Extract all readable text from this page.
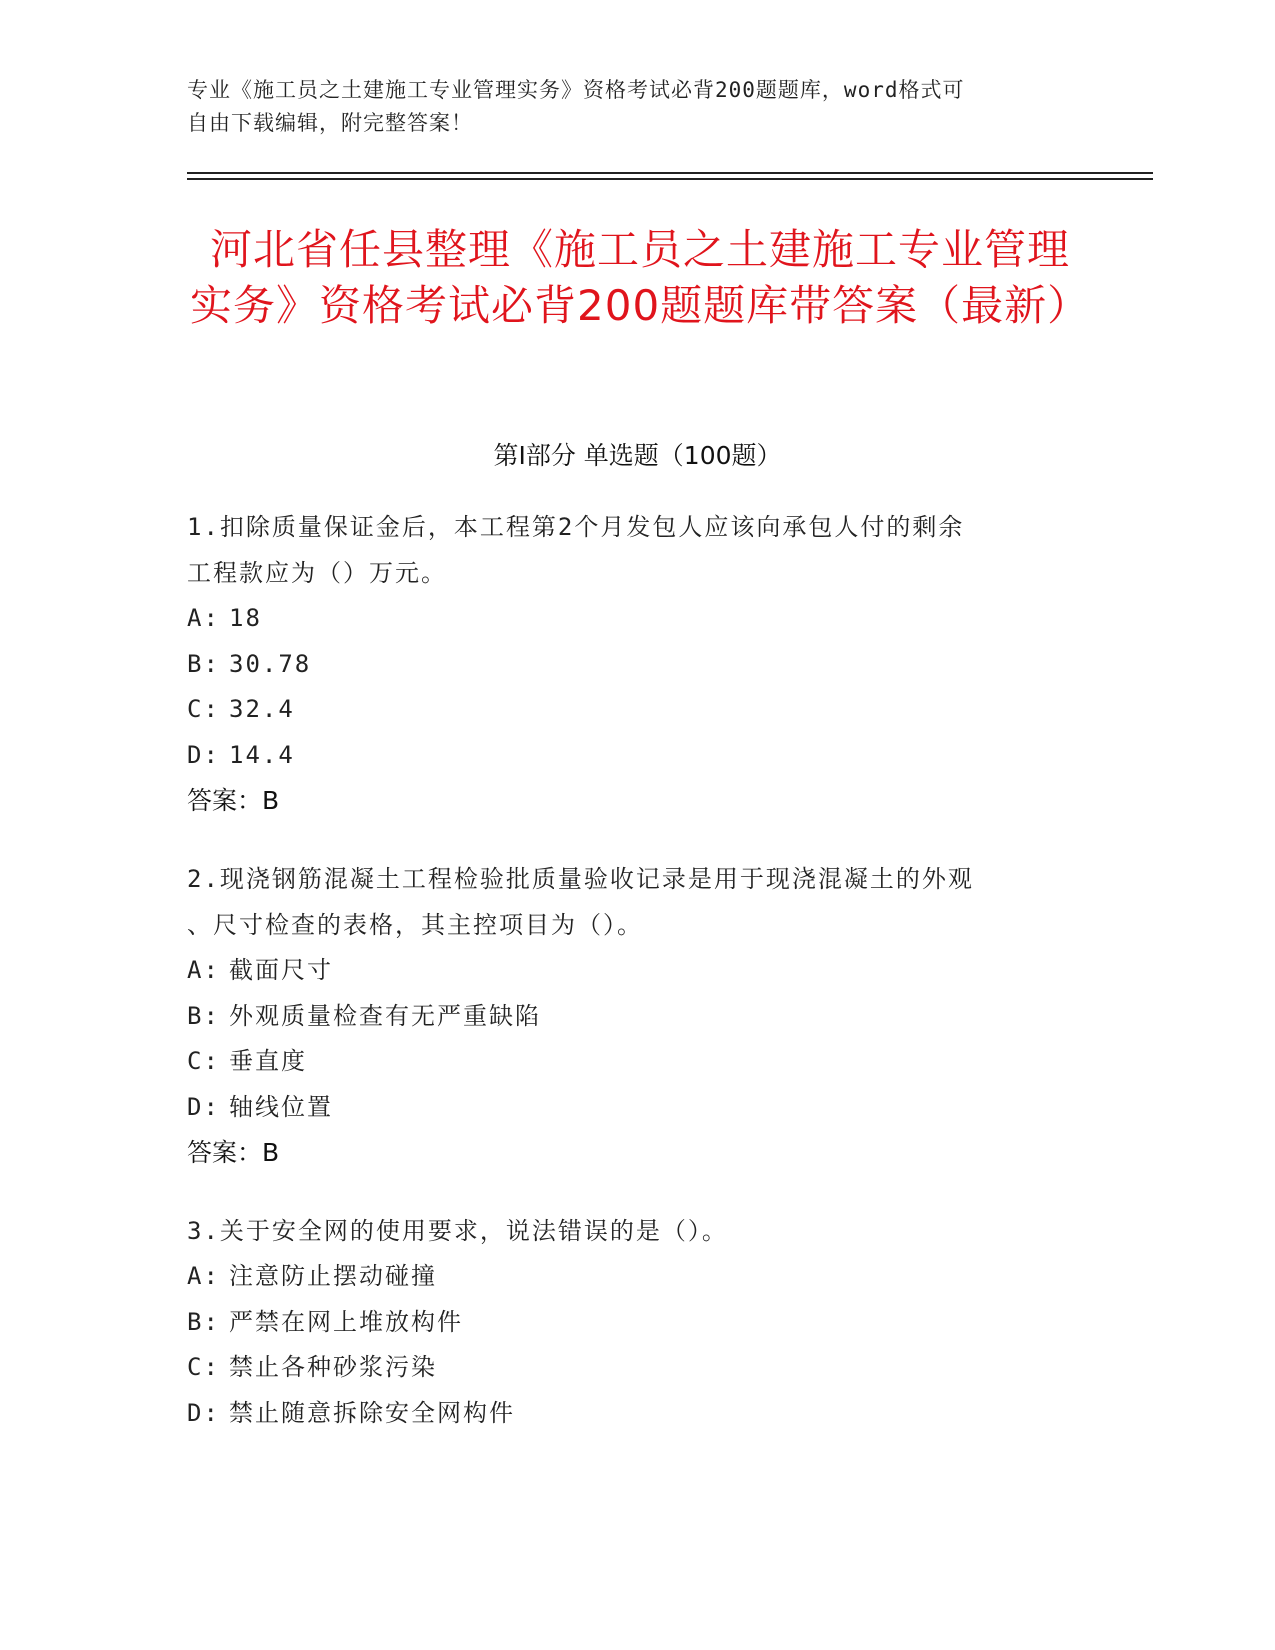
专业《施工员之土建施工专业管理实务》资格考试必背200题题库，word格式可
自由下载编辑，附完整答案！
河北省任县整理《施工员之土建施工专业管理实务》资格考试必背200题题库带答案（最新）
第Ⅰ部分 单选题（100题）

1.扣除质量保证金后，本工程第2个月发包人应该向承包人付的剩余

工程款应为（）万元。

A: 18

B: 30.78

C: 32.4

D: 14.4

答案：B

2.现浇钢筋混凝土工程检验批质量验收记录是用于现浇混凝土的外观

、尺寸检查的表格，其主控项目为（）。

A: 截面尺寸

B: 外观质量检查有无严重缺陷

C: 垂直度

D: 轴线位置

答案：B

3.关于安全网的使用要求，说法错误的是（）。

A: 注意防止摆动碰撞

B: 严禁在网上堆放构件

C: 禁止各种砂浆污染

D: 禁止随意拆除安全网构件
